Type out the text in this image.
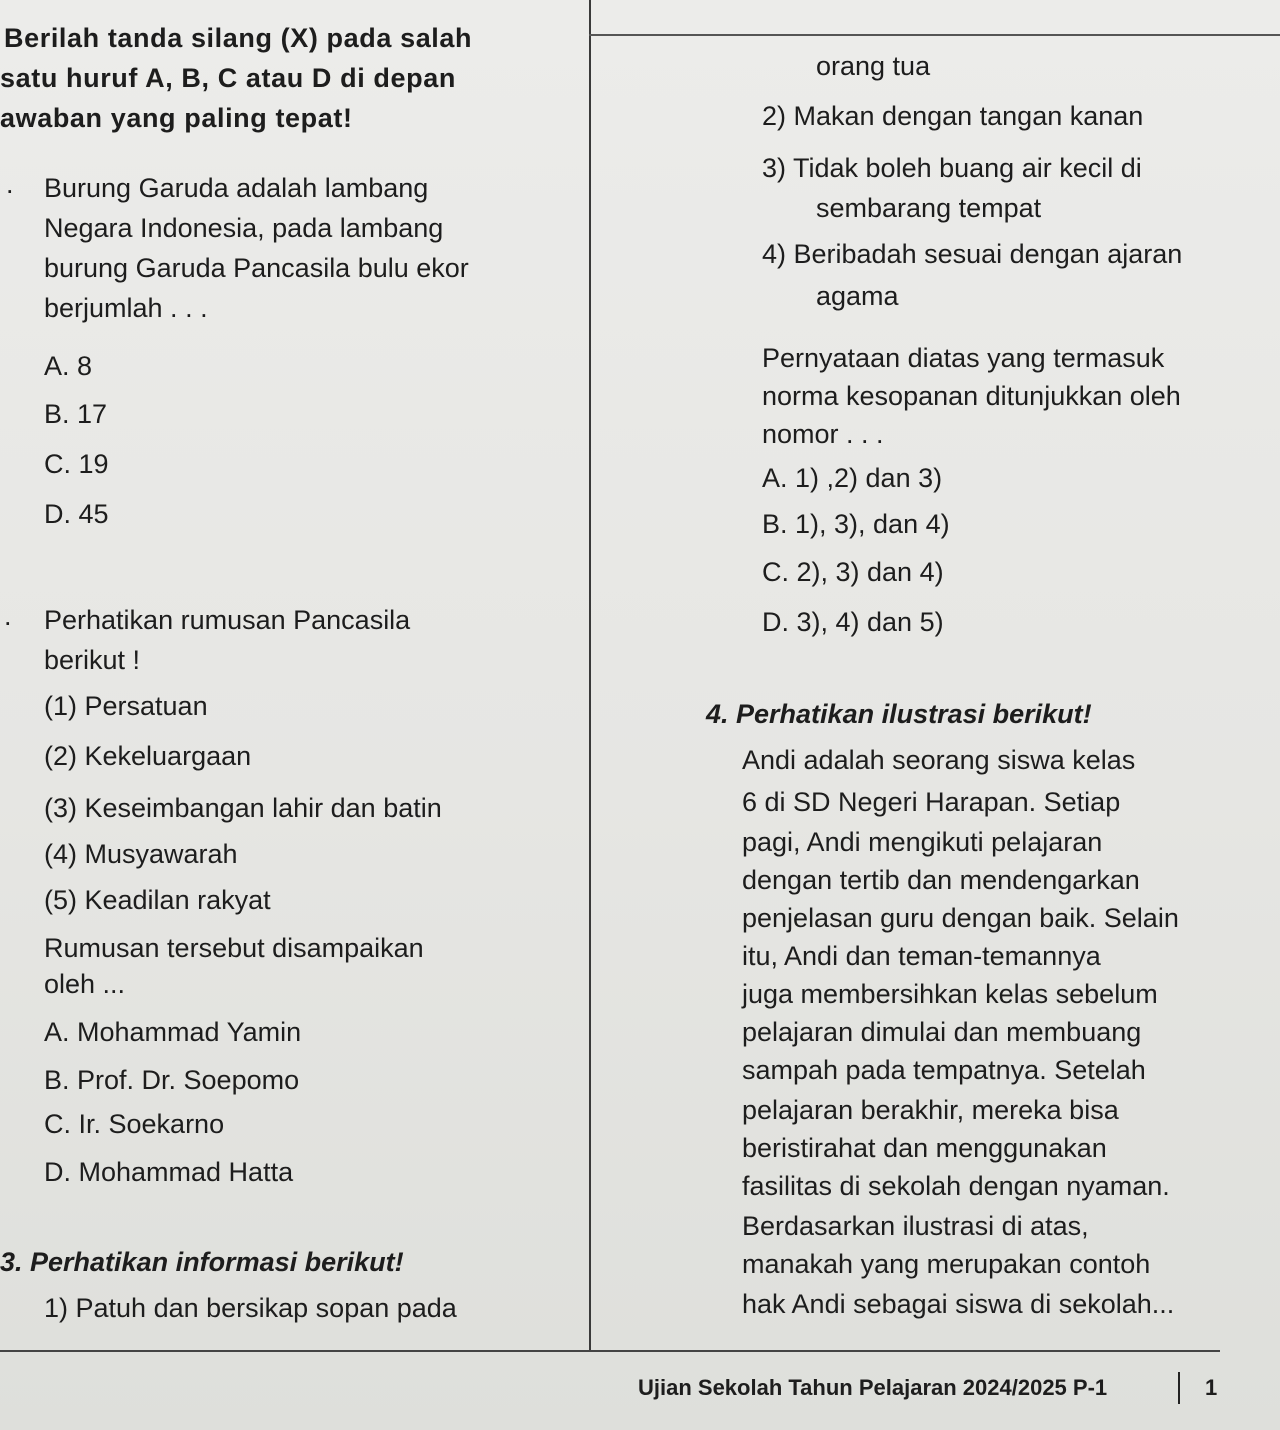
Berilah tanda silang (X) pada salah
satu huruf A, B, C atau D di depan
awaban yang paling tepat!
. Burung Garuda adalah lambang
Negara Indonesia, pada lambang
burung Garuda Pancasila bulu ekor
berjumlah . . .
A. 8
B. 17
C. 19
D. 45
. Perhatikan rumusan Pancasila
berikut !
(1) Persatuan
(2) Kekeluargaan
(3) Keseimbangan lahir dan batin
(4) Musyawarah
(5) Keadilan rakyat
Rumusan tersebut disampaikan
oleh ...
A. Mohammad Yamin
B. Prof. Dr. Soepomo
C. Ir. Soekarno
D. Mohammad Hatta
3. Perhatikan informasi berikut!
1) Patuh dan bersikap sopan pada
orang tua
2) Makan dengan tangan kanan
3) Tidak boleh buang air kecil di
sembarang tempat
4) Beribadah sesuai dengan ajaran
agama
Pernyataan diatas yang termasuk
norma kesopanan ditunjukkan oleh
nomor . . .
A. 1) ,2) dan 3)
B. 1), 3), dan 4)
C. 2), 3) dan 4)
D. 3), 4) dan 5)
4. Perhatikan ilustrasi berikut!
Andi adalah seorang siswa kelas
6 di SD Negeri Harapan. Setiap
pagi, Andi mengikuti pelajaran
dengan tertib dan mendengarkan
penjelasan guru dengan baik. Selain
itu, Andi dan teman-temannya
juga membersihkan kelas sebelum
pelajaran dimulai dan membuang
sampah pada tempatnya. Setelah
pelajaran berakhir, mereka bisa
beristirahat dan menggunakan
fasilitas di sekolah dengan nyaman.
Berdasarkan ilustrasi di atas,
manakah yang merupakan contoh
hak Andi sebagai siswa di sekolah...
Ujian Sekolah Tahun Pelajaran 2024/2025 P-1	1
